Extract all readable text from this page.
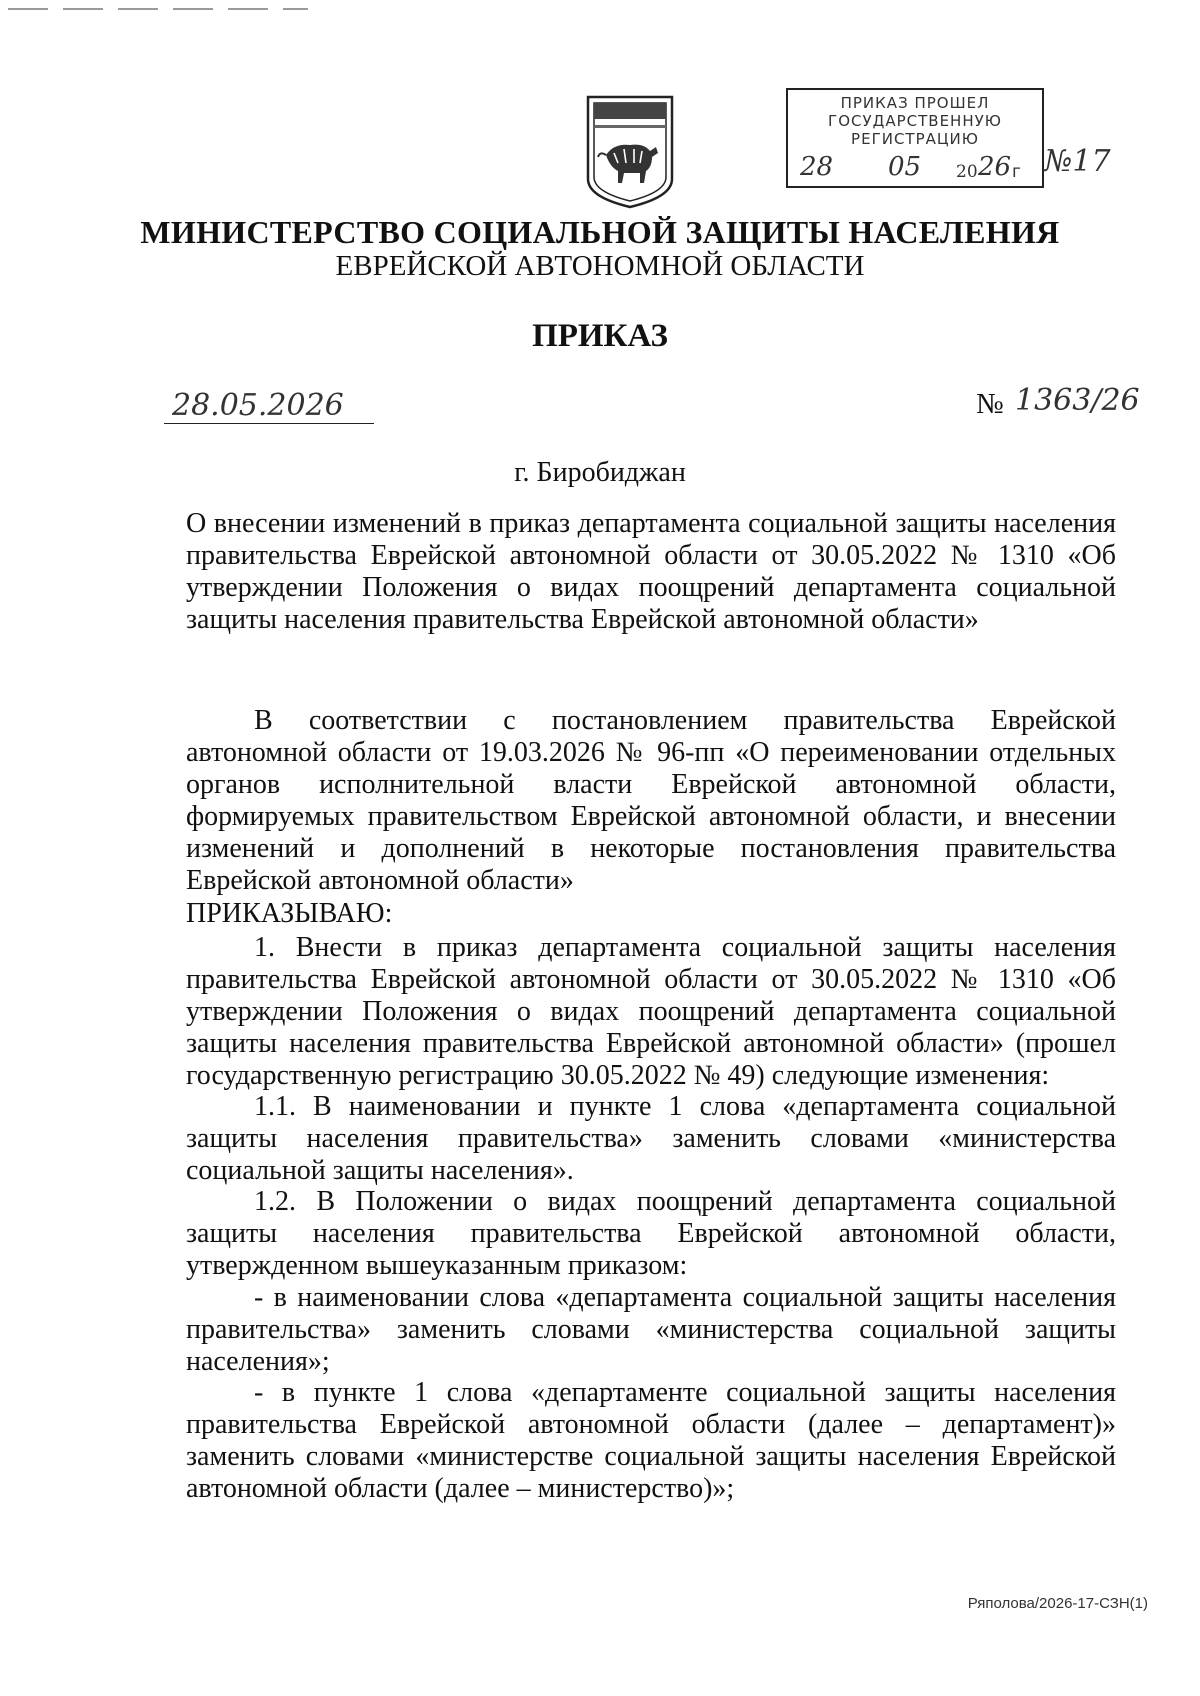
ПРИКАЗ ПРОШЕЛ
ГОСУДАРСТВЕННУЮ
РЕГИСТРАЦИЮ
28 05 20 26 г №17
МИНИСТЕРСТВО СОЦИАЛЬНОЙ ЗАЩИТЫ НАСЕЛЕНИЯ
ЕВРЕЙСКОЙ АВТОНОМНОЙ ОБЛАСТИ
ПРИКАЗ
28.05.2026	№ 1363/26
г. Биробиджан
О внесении изменений в приказ департамента социальной защиты населения правительства Еврейской автономной области от 30.05.2022 № 1310 «Об утверждении Положения о видах поощрений департамента социальной защиты населения правительства Еврейской автономной области»
В соответствии с постановлением правительства Еврейской автономной области от 19.03.2026 № 96-пп «О переименовании отдельных органов исполнительной власти Еврейской автономной области, формируемых правительством Еврейской автономной области, и внесении изменений и дополнений в некоторые постановления правительства Еврейской автономной области»
ПРИКАЗЫВАЮ:
1. Внести в приказ департамента социальной защиты населения правительства Еврейской автономной области от 30.05.2022 № 1310 «Об утверждении Положения о видах поощрений департамента социальной защиты населения правительства Еврейской автономной области» (прошел государственную регистрацию 30.05.2022 № 49) следующие изменения:
1.1. В наименовании и пункте 1 слова «департамента социальной защиты населения правительства» заменить словами «министерства социальной защиты населения».
1.2. В Положении о видах поощрений департамента социальной защиты населения правительства Еврейской автономной области, утвержденном вышеуказанным приказом:
- в наименовании слова «департамента социальной защиты населения правительства» заменить словами «министерства социальной защиты населения»;
- в пункте 1 слова «департаменте социальной защиты населения правительства Еврейской автономной области (далее – департамент)» заменить словами «министерстве социальной защиты населения Еврейской автономной области (далее – министерство)»;
Ряполова/2026-17-СЗН(1)
